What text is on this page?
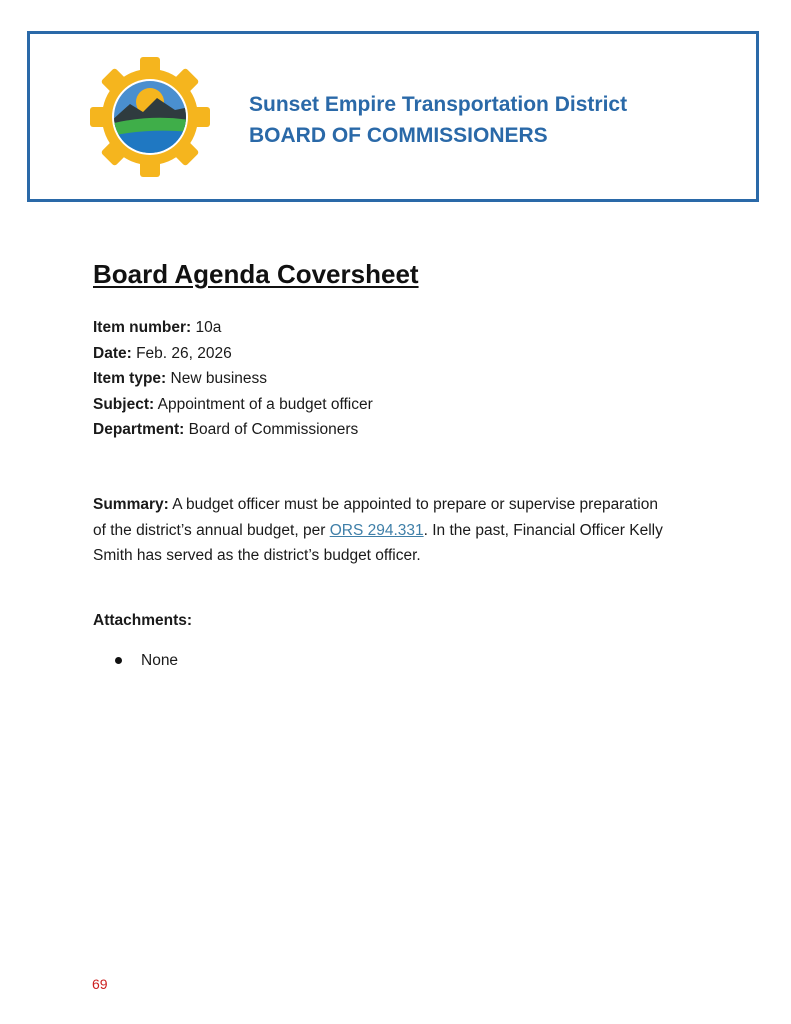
Sunset Empire Transportation District
BOARD OF COMMISSIONERS
Board Agenda Coversheet
Item number: 10a
Date: Feb. 26, 2026
Item type: New business
Subject: Appointment of a budget officer
Department: Board of Commissioners
Summary: A budget officer must be appointed to prepare or supervise preparation of the district’s annual budget, per ORS 294.331. In the past, Financial Officer Kelly Smith has served as the district’s budget officer.
Attachments:
None
69
